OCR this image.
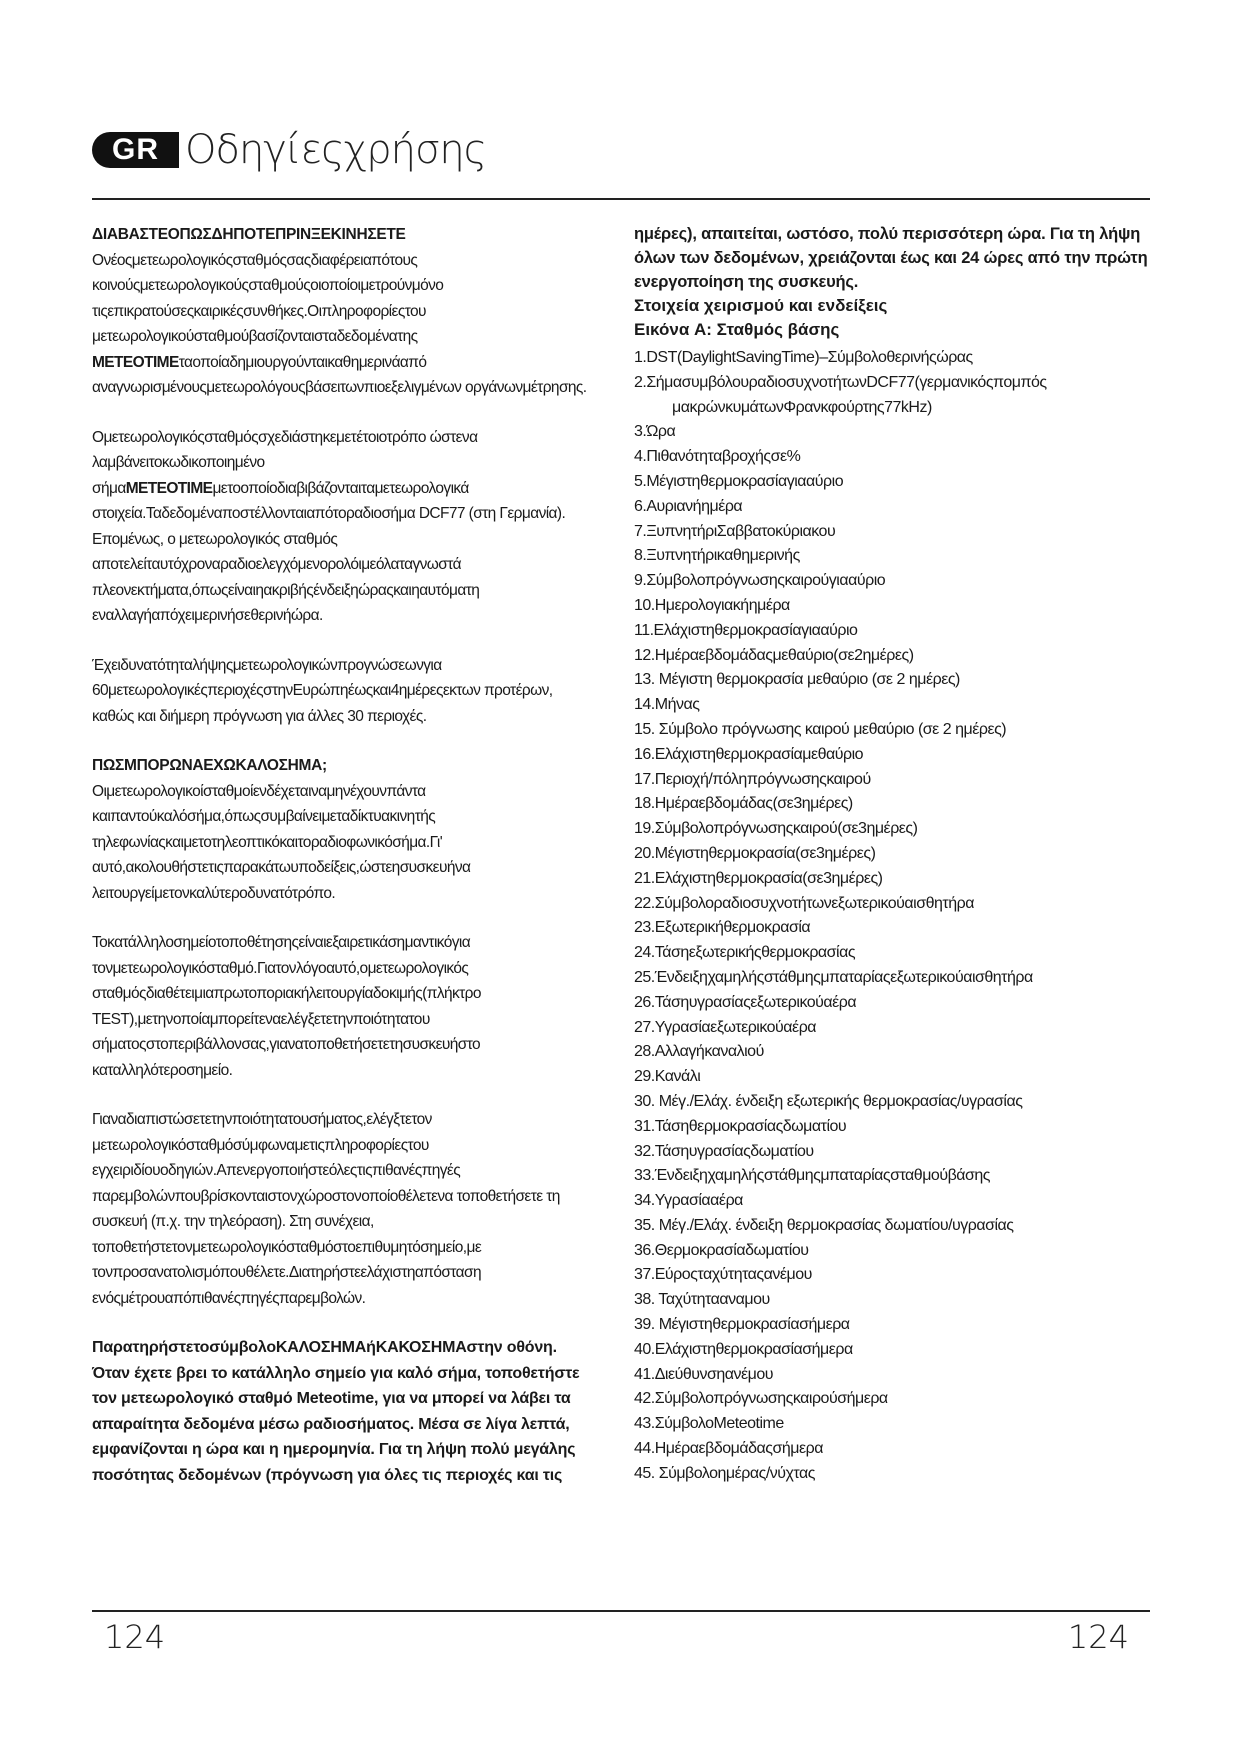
GR Οδηγίεςχρήσης
ΔΙΑΒΑΣΤΕΟΠΩΣΔΗΠΟΤΕΠΡΙΝΞΕΚΙΝΗΣΕΤΕ

Ονέοςμετεωρολογικόςσταθμόςσαςδιαφέρειαπότους κοινούςμετεωρολογικούςσταθμούςοιοποίοιμετρούνμόνο τιςεπικρατούσεςκαιρικέςσυνθήκες.Οιπληροφορίεςτου μετεωρολογικούσταθμούβασίζονταισταδεδομένατης METEOTIMEταοποίαδημιουργούνταικαθημερινάαπό αναγνωρισμένουςμετεωρολόγουςβάσειτωνπιοεξελιγμένων οργάνωνμέτρησης.

Ομετεωρολογικόςσταθμόςσχεδιάστηκεμετέτοιοτρόπο ώστενα λαμβάνειτοκωδικοποιημένο σήμαMETEOTIMEμετοοποίοδιαβιβάζονταιταμετεωρολογικά στοιχεία.Ταδεδομέναποστέλλονταιαπότοραδιοσήμα DCF77 (στη Γερμανία). Επομένως, ο μετεωρολογικός σταθμός αποτελείταυτόχροναραδιοελεγχόμενορολόιμεόλαταγνωστά πλεονεκτήματα,όπωςείναιηακριβήςένδειξηώραςκαιηαυτόματη εναλλαγήαπόχειμερινήσεθερινήώρα.

Έχειδυνατότηταλήψηςμετεωρολογικώνπρογνώσεωνγια 60μετεωρολογικέςπεριοχέςστηνΕυρώπηέωςκαι4ημέρεςεκτων προτέρων, καθώς και διήμερη πρόγνωση για άλλες 30 περιοχές.

ΠΩΣΜΠΟΡΩΝΑΕΧΩΚΑΛΟΣΗΜΑ;

Οιμετεωρολογικοίσταθμοίενδέχεταιναμηνέχουνπάντα καιπαντούκαλόσήμα,όπωςσυμβαίνειμεταδίκτυακινητής τηλεφωνίαςκαιμετοτηλεοπτικόκαιτοραδιοφωνικόσήμα.Γι' αυτό,ακολουθήστετιςπαρακάτωυποδείξεις,ώστεησυσκευήνα λειτουργείμετονκαλύτεροδυνατότρόπο.

Τοκατάλληλοσημείοτοποθέτησηςείναιεξαιρετικάσημαντικόγια τονμετεωρολογικόσταθμό.Γιατονλόγοαυτό,ομετεωρολογικός σταθμόςδιαθέτειμιαπρωτοποριακήλειτουργίαδοκιμής(πλήκτρο TEST),μετηνοποίαμπορείτεναελέγξετετηνποιότητατου σήματοςστοπεριβάλλονσας,γιανατοποθετήσετετησυσκευήστο καταλληλότεροσημείο.

Γιαναδιαπιστώσετετηνποιότητατουσήματος,ελέγξτετον μετεωρολογικόσταθμόσύμφωναμετιςπληροφορίεςτου εγχειριδίουοδηγιών.Απενεργοποιήστεόλεςτιςπιθανέςπηγές παρεμβολώνπουβρίσκονταιστονχώροστονοποίοθέλετενα τοποθετήσετε τη συσκευή (π.χ. την τηλεόραση). Στη συνέχεια, τοποθετήστετονμετεωρολογικόσταθμόστοεπιθυμητόσημείο,με τονπροσανατολισμόπουθέλετε.Διατηρήστεελάχιστηαπόσταση ενόςμέτρουαπόπιθανέςπηγέςπαρεμβολών.

ΠαρατηρήστετοσύμβολοΚΑΛΟΣΗΜΑήΚΑΚΟΣΗΜΑστην οθόνη. Όταν έχετε βρει το κατάλληλο σημείο για καλό σήμα, τοποθετήστε τον μετεωρολογικό σταθμό Meteotime, για να μπορεί να λάβει τα απαραίτητα δεδομένα μέσω ραδιοσήματος. Μέσα σε λίγα λεπτά, εμφανίζονται η ώρα και η ημερομηνία. Για τη λήψη πολύ μεγάλης ποσότητας δεδομένων (πρόγνωση για όλες τις περιοχές και τις

ημέρες), απαιτείται, ωστόσο, πολύ περισσότερη ώρα. Για τη λήψη όλων των δεδομένων, χρειάζονται έως και 24 ώρες από την πρώτη ενεργοποίηση της συσκευής.

Στοιχεία χειρισμού και ενδείξεις
Εικόνα A: Σταθμός βάσης
1.DST(DaylightSavingTime)–Σύμβολοθερινήςώρας
2.ΣήμασυμβόλουραδιοσυχνοτήτωνDCF77(γερμανικόςπομπός
μακρώνκυμάτωνΦρανκφούρτης77kHz)
3.Ώρα
4.Πιθανότηταβροχήςσε%
5.Μέγιστηθερμοκρασίαγιααύριο
6.Αυριανήημέρα
7.ΞυπνητήριΣαββατοκύριακου
8.Ξυπνητήρικαθημερινής
9.Σύμβολοπρόγνωσηςκαιρούγιααύριο
10.Ημερολογιακήημέρα
11.Ελάχιστηθερμοκρασίαγιααύριο
12.Ημέραεβδομάδαςμεθαύριο(σε2ημέρες)
13. Μέγιστη θερμοκρασία μεθαύριο (σε 2 ημέρες)
14.Μήνας
15. Σύμβολο πρόγνωσης καιρού μεθαύριο (σε 2 ημέρες)
16.Ελάχιστηθερμοκρασίαμεθαύριο
17.Περιοχή/πόληπρόγνωσηςκαιρού
18.Ημέραεβδομάδας(σε3ημέρες)
19.Σύμβολοπρόγνωσηςκαιρού(σε3ημέρες)
20.Μέγιστηθερμοκρασία(σε3ημέρες)
21.Ελάχιστηθερμοκρασία(σε3ημέρες)
22.Σύμβολοραδιοσυχνοτήτωνεξωτερικούαισθητήρα
23.Εξωτερικήθερμοκρασία
24.Τάσηεξωτερικήςθερμοκρασίας
25.Ένδειξηχαμηλήςστάθμηςμπαταρίαςεξωτερικούαισθητήρα
26.Τάσηυγρασίαςεξωτερικούαέρα
27.Υγρασίαεξωτερικούαέρα
28.Αλλαγήκαναλιού
29.Κανάλι
30. Μέγ./Ελάχ. ένδειξη εξωτερικής θερμοκρασίας/υγρασίας
31.Τάσηθερμοκρασίαςδωματίου
32.Τάσηυγρασίαςδωματίου
33.Ένδειξηχαμηλήςστάθμηςμπαταρίαςσταθμούβάσης
34.Υγρασίααέρα
35. Μέγ./Ελάχ. ένδειξη θερμοκρασίας δωματίου/υγρασίας
36.Θερμοκρασίαδωματίου
37.Εύροςταχύτηταςανέμου
38. Ταχύτητααναμου
39. Μέγιστηθερμοκρασίασήμερα
40.Ελάχιστηθερμοκρασίασήμερα
41.Διεύθυνσηανέμου
42.Σύμβολοπρόγνωσηςκαιρούσήμερα
43.ΣύμβολοMeteotime
44.Ημέραεβδομάδαςσήμερα
45. Σύμβολοημέρας/νύχτας
124	124
